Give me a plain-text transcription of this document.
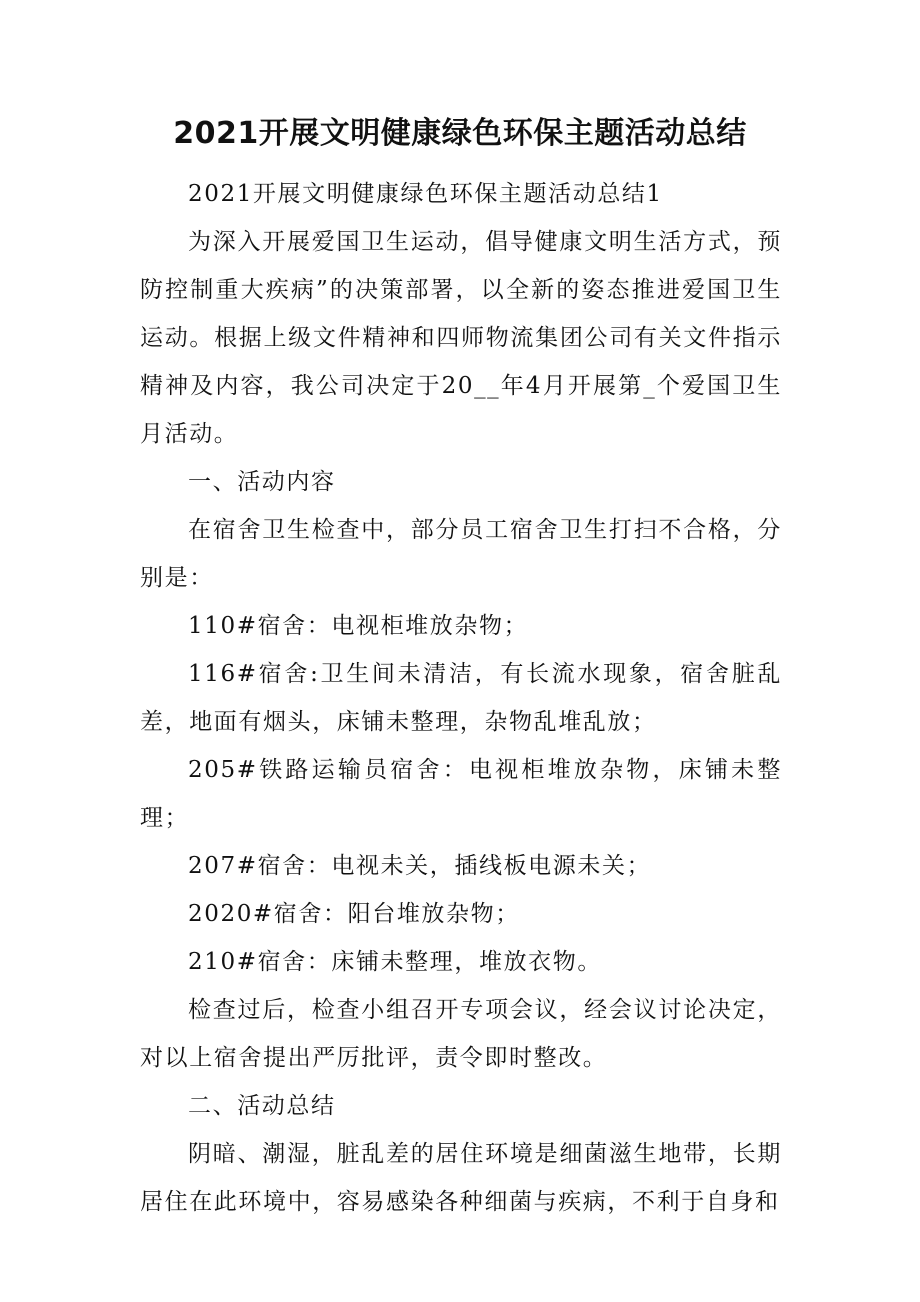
2021开展文明健康绿色环保主题活动总结

2021开展文明健康绿色环保主题活动总结1

为深入开展爱国卫生运动，倡导健康文明生活方式，预防控制重大疾病”的决策部署，以全新的姿态推进爱国卫生运动。根据上级文件精神和四师物流集团公司有关文件指示精神及内容，我公司决定于20__年4月开展第_个爱国卫生月活动。

一、活动内容

在宿舍卫生检查中，部分员工宿舍卫生打扫不合格，分别是：

110#宿舍：电视柜堆放杂物；

116#宿舍:卫生间未清洁，有长流水现象，宿舍脏乱差，地面有烟头，床铺未整理，杂物乱堆乱放；

205#铁路运输员宿舍：电视柜堆放杂物，床铺未整理；

207#宿舍：电视未关，插线板电源未关；

2020#宿舍：阳台堆放杂物；

210#宿舍：床铺未整理，堆放衣物。

检查过后，检查小组召开专项会议，经会议讨论决定，对以上宿舍提出严厉批评，责令即时整改。

二、活动总结

阴暗、潮湿，脏乱差的居住环境是细菌滋生地带，长期居住在此环境中，容易感染各种细菌与疾病，不利于自身和
